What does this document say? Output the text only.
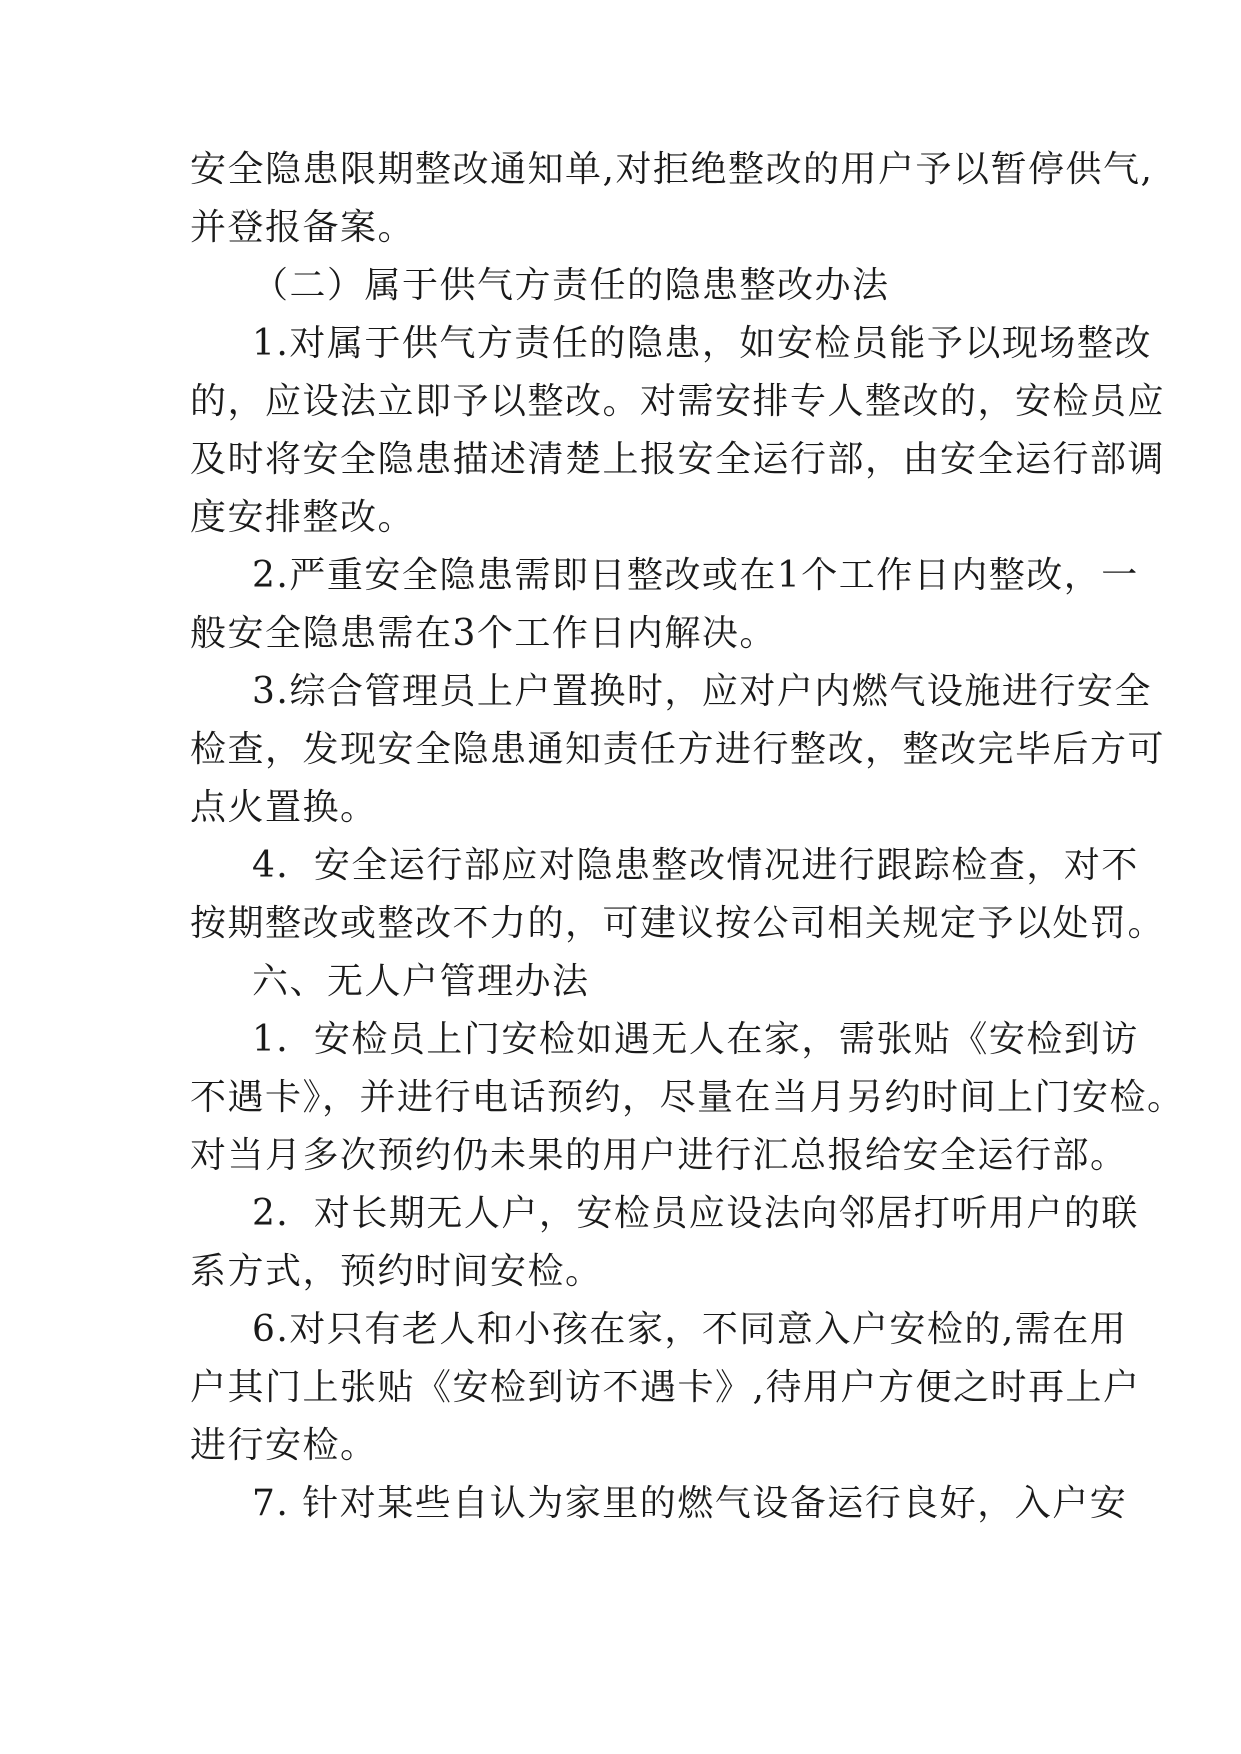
安全隐患限期整改通知单,对拒绝整改的用户予以暂停供气,

并登报备案。

（二）属于供气方责任的隐患整改办法

1.对属于供气方责任的隐患，如安检员能予以现场整改

的，应设法立即予以整改。对需安排专人整改的，安检员应

及时将安全隐患描述清楚上报安全运行部，由安全运行部调

度安排整改。

2.严重安全隐患需即日整改或在1个工作日内整改，一

般安全隐患需在3个工作日内解决。

3.综合管理员上户置换时，应对户内燃气设施进行安全

检查，发现安全隐患通知责任方进行整改，整改完毕后方可

点火置换。

4．安全运行部应对隐患整改情况进行跟踪检查，对不

按期整改或整改不力的，可建议按公司相关规定予以处罚。

六、无人户管理办法

1．安检员上门安检如遇无人在家，需张贴《安检到访

不遇卡》，并进行电话预约，尽量在当月另约时间上门安检。

对当月多次预约仍未果的用户进行汇总报给安全运行部。

2．对长期无人户，安检员应设法向邻居打听用户的联

系方式，预约时间安检。

6.对只有老人和小孩在家，不同意入户安检的,需在用

户其门上张贴《安检到访不遇卡》,待用户方便之时再上户

进行安检。

7. 针对某些自认为家里的燃气设备运行良好，入户安
